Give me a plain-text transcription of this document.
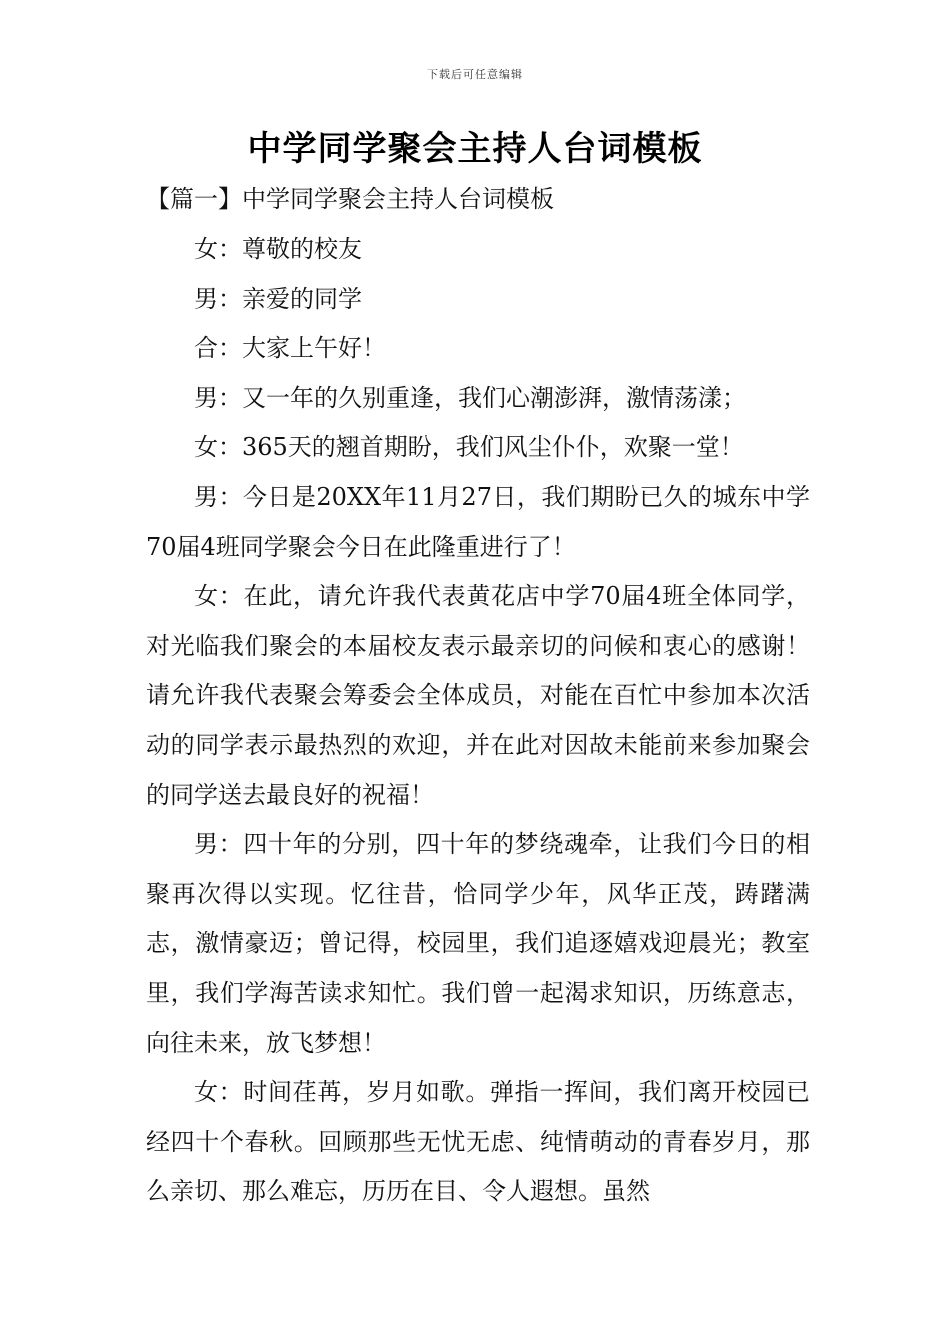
下载后可任意编辑
中学同学聚会主持人台词模板
【篇一】中学同学聚会主持人台词模板

女：尊敬的校友

男：亲爱的同学

合：大家上午好！

男：又一年的久别重逢，我们心潮澎湃，激情荡漾；

女：365天的翘首期盼，我们风尘仆仆，欢聚一堂！

男：今日是20XX年11月27日，我们期盼已久的城东中学70届4班同学聚会今日在此隆重进行了！

女：在此，请允许我代表黄花店中学70届4班全体同学，对光临我们聚会的本届校友表示最亲切的问候和衷心的感谢！请允许我代表聚会筹委会全体成员，对能在百忙中参加本次活动的同学表示最热烈的欢迎，并在此对因故未能前来参加聚会的同学送去最良好的祝福！

男：四十年的分别，四十年的梦绕魂牵，让我们今日的相聚再次得以实现。忆往昔，恰同学少年，风华正茂，踌躇满志，激情豪迈；曾记得，校园里，我们追逐嬉戏迎晨光；教室里，我们学海苦读求知忙。我们曾一起渴求知识，历练意志，向往未来，放飞梦想！

女：时间荏苒，岁月如歌。弹指一挥间，我们离开校园已经四十个春秋。回顾那些无忧无虑、纯情萌动的青春岁月，那么亲切、那么难忘，历历在目、令人遐想。虽然
